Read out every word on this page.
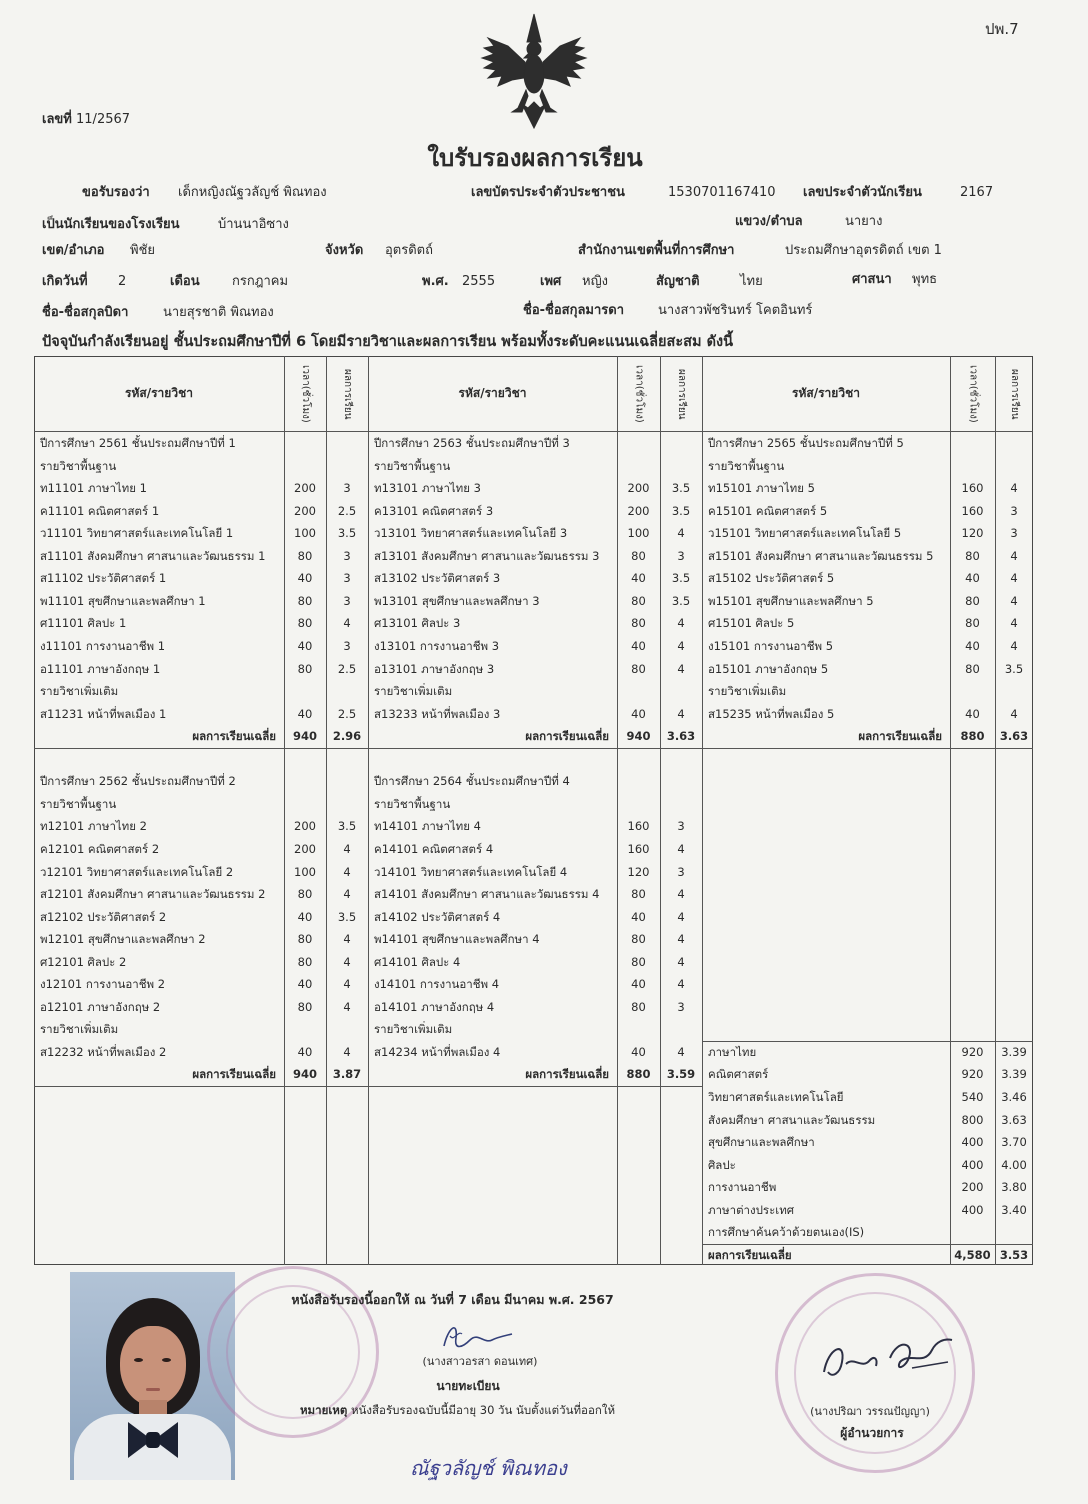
ปพ.7
เลขที่ 11/2567
ใบรับรองผลการเรียน
ขอรับรองว่า เด็กหญิงณัฐวลัญช์ พิณทอง	เลขบัตรประจำตัวประชาชน	1530701167410 เลขประจำตัวนักเรียน	2167
เป็นนักเรียนของโรงเรียน	บ้านนาอิซาง	แขวง/ตำบล	นายาง
เขต/อำเภอ พิชัย	จังหวัด อุตรดิตถ์	สำนักงานเขตพื้นที่การศึกษา	ประถมศึกษาอุตรดิตถ์ เขต 1
เกิดวันที่ 2	เดือน กรกฎาคม	พ.ศ. 2555	เพศ หญิง	สัญชาติ	ไทย	ศาสนา พุทธ
ชื่อ-ชื่อสกุลบิดา	นายสุรชาติ พิณทอง	ชื่อ-ชื่อสกุลมารดา	นางสาวพัชรินทร์ โคตอินทร์
ปัจจุบันกำลังเรียนอยู่ ชั้นประถมศึกษาปีที่ 6 โดยมีรายวิชาและผลการเรียน พร้อมทั้งระดับคะแนนเฉลี่ยสะสม ดังนี้
รหัส/รายวิชา	รหัส/รายวิชา	รหัส/รายวิชา
เวลา(ชั่วโมง)	ผลการเรียน	เวลา(ชั่วโมง)	ผลการเรียน	เวลา(ชั่วโมง)	ผลการเรียน
ปีการศึกษา 2561 ชั้นประถมศึกษาปีที่ 1
รายวิชาพื้นฐาน
ท11101 ภาษาไทย 1	200	3
ค11101 คณิตศาสตร์ 1	200	2.5
ว11101 วิทยาศาสตร์และเทคโนโลยี 1	100	3.5
ส11101 สังคมศึกษา ศาสนาและวัฒนธรรม 1	80	3
ส11102 ประวัติศาสตร์ 1	40	3
พ11101 สุขศึกษาและพลศึกษา 1	80	3
ศ11101 ศิลปะ 1	80	4
ง11101 การงานอาชีพ 1	40	3
อ11101 ภาษาอังกฤษ 1	80	2.5
รายวิชาเพิ่มเติม
ส11231 หน้าที่พลเมือง 1	40	2.5
ผลการเรียนเฉลี่ย	940	2.96
ปีการศึกษา 2562 ชั้นประถมศึกษาปีที่ 2
รายวิชาพื้นฐาน
ท12101 ภาษาไทย 2	200	3.5
ค12101 คณิตศาสตร์ 2	200	4
ว12101 วิทยาศาสตร์และเทคโนโลยี 2	100	4
ส12101 สังคมศึกษา ศาสนาและวัฒนธรรม 2	80	4
ส12102 ประวัติศาสตร์ 2	40	3.5
พ12101 สุขศึกษาและพลศึกษา 2	80	4
ศ12101 ศิลปะ 2	80	4
ง12101 การงานอาชีพ 2	40	4
อ12101 ภาษาอังกฤษ 2	80	4
รายวิชาเพิ่มเติม
ส12232 หน้าที่พลเมือง 2	40	4
ผลการเรียนเฉลี่ย	940	3.87
ปีการศึกษา 2563 ชั้นประถมศึกษาปีที่ 3
รายวิชาพื้นฐาน
ท13101 ภาษาไทย 3	200	3.5
ค13101 คณิตศาสตร์ 3	200	3.5
ว13101 วิทยาศาสตร์และเทคโนโลยี 3	100	4
ส13101 สังคมศึกษา ศาสนาและวัฒนธรรม 3	80	3
ส13102 ประวัติศาสตร์ 3	40	3.5
พ13101 สุขศึกษาและพลศึกษา 3	80	3.5
ศ13101 ศิลปะ 3	80	4
ง13101 การงานอาชีพ 3	40	4
อ13101 ภาษาอังกฤษ 3	80	4
รายวิชาเพิ่มเติม
ส13233 หน้าที่พลเมือง 3	40	4
ผลการเรียนเฉลี่ย	940	3.63
ปีการศึกษา 2564 ชั้นประถมศึกษาปีที่ 4
รายวิชาพื้นฐาน
ท14101 ภาษาไทย 4	160	3
ค14101 คณิตศาสตร์ 4	160	4
ว14101 วิทยาศาสตร์และเทคโนโลยี 4	120	3
ส14101 สังคมศึกษา ศาสนาและวัฒนธรรม 4	80	4
ส14102 ประวัติศาสตร์ 4	40	4
พ14101 สุขศึกษาและพลศึกษา 4	80	4
ศ14101 ศิลปะ 4	80	4
ง14101 การงานอาชีพ 4	40	4
อ14101 ภาษาอังกฤษ 4	80	3
รายวิชาเพิ่มเติม
ส14234 หน้าที่พลเมือง 4	40	4
ผลการเรียนเฉลี่ย	880	3.59
ปีการศึกษา 2565 ชั้นประถมศึกษาปีที่ 5
รายวิชาพื้นฐาน
ท15101 ภาษาไทย 5	160	4
ค15101 คณิตศาสตร์ 5	160	3
ว15101 วิทยาศาสตร์และเทคโนโลยี 5	120	3
ส15101 สังคมศึกษา ศาสนาและวัฒนธรรม 5	80	4
ส15102 ประวัติศาสตร์ 5	40	4
พ15101 สุขศึกษาและพลศึกษา 5	80	4
ศ15101 ศิลปะ 5	80	4
ง15101 การงานอาชีพ 5	40	4
อ15101 ภาษาอังกฤษ 5	80	3.5
รายวิชาเพิ่มเติม
ส15235 หน้าที่พลเมือง 5	40	4
ผลการเรียนเฉลี่ย	880	3.63
ภาษาไทย	920	3.39
คณิตศาสตร์	920	3.39
วิทยาศาสตร์และเทคโนโลยี	540	3.46
สังคมศึกษา ศาสนาและวัฒนธรรม	800	3.63
สุขศึกษาและพลศึกษา	400	3.70
ศิลปะ	400	4.00
การงานอาชีพ	200	3.80
ภาษาต่างประเทศ	400	3.40
การศึกษาค้นคว้าด้วยตนเอง(IS)
ผลการเรียนเฉลี่ย	4,580 3.53
หนังสือรับรองนี้ออกให้ ณ วันที่ 7 เดือน มีนาคม พ.ศ. 2567
(นางสาวอรสา ดอนเทศ)
นายทะเบียน
หมายเหตุ หนังสือรับรองฉบับนี้มีอายุ 30 วัน นับตั้งแต่วันที่ออกให้	(นางปริฌา วรรณปัญญา)
ผู้อำนวยการ
ณัฐวลัญช์ พิณทอง
